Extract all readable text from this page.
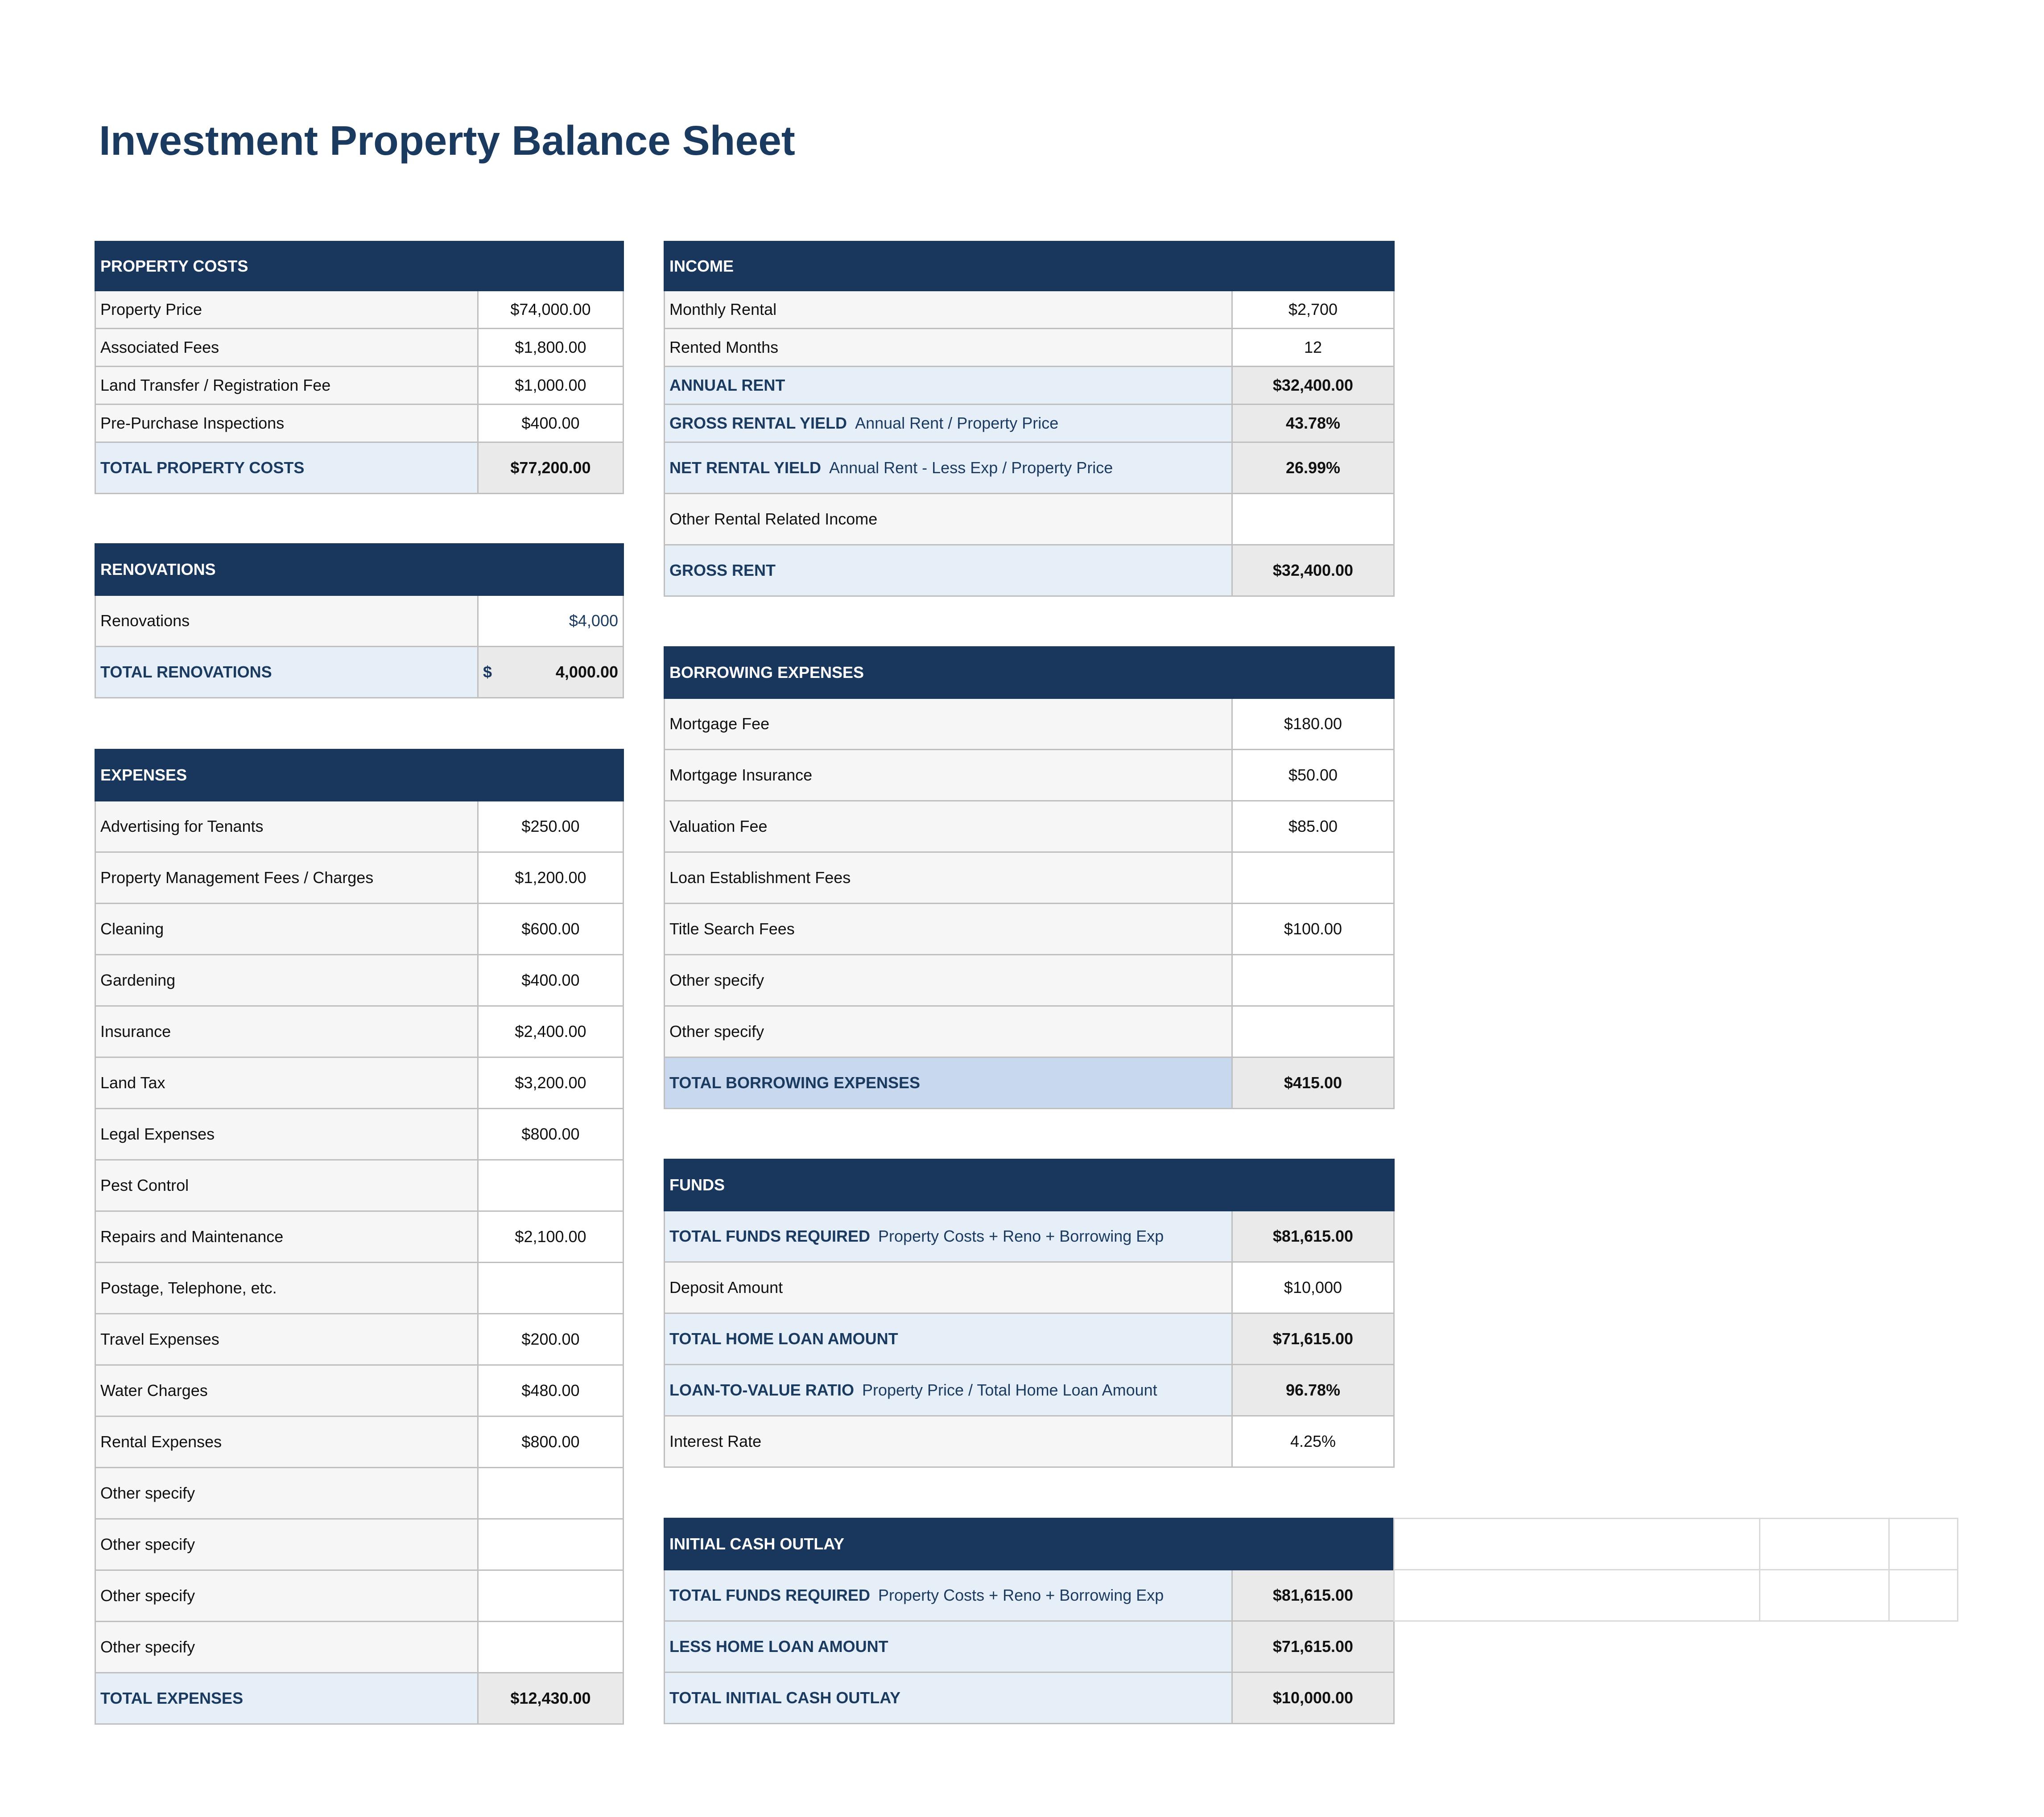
Investment Property Balance Sheet
PROPERTY COSTS	
Property Price	$74,000.00
Associated Fees	$1,800.00
Land Transfer / Registration Fee	$1,000.00
Pre-Purchase Inspections	$400.00
TOTAL PROPERTY COSTS	$77,200.00
RENOVATIONS	
Renovations	$4,000
TOTAL RENOVATIONS	$ 4,000.00
EXPENSES	
Advertising for Tenants	$250.00
Property Management Fees / Charges	$1,200.00
Cleaning	$600.00
Gardening	$400.00
Insurance	$2,400.00
Land Tax	$3,200.00
Legal Expenses	$800.00
Pest Control	
Repairs and Maintenance	$2,100.00
Postage, Telephone, etc.	
Travel Expenses	$200.00
Water Charges	$480.00
Rental Expenses	$800.00
Other specify	
Other specify	
Other specify	
Other specify	
TOTAL EXPENSES	$12,430.00
INCOME	
Monthly Rental	$2,700
Rented Months	12
ANNUAL RENT	$32,400.00
GROSS RENTAL YIELD Annual Rent / Property Price	43.78%
NET RENTAL YIELD Annual Rent - Less Exp / Property Price	26.99%
Other Rental Related Income	
GROSS RENT	$32,400.00
BORROWING EXPENSES	
Mortgage Fee	$180.00
Mortgage Insurance	$50.00
Valuation Fee	$85.00
Loan Establishment Fees	
Title Search Fees	$100.00
Other specify	
Other specify	
TOTAL BORROWING EXPENSES	$415.00
FUNDS	
TOTAL FUNDS REQUIRED Property Costs + Reno + Borrowing Exp	$81,615.00
Deposit Amount	$10,000
TOTAL HOME LOAN AMOUNT	$71,615.00
LOAN-TO-VALUE RATIO Property Price / Total Home Loan Amount	96.78%
Interest Rate	4.25%
INITIAL CASH OUTLAY	
TOTAL FUNDS REQUIRED Property Costs + Reno + Borrowing Exp	$81,615.00
LESS HOME LOAN AMOUNT	$71,615.00
TOTAL INITIAL CASH OUTLAY	$10,000.00
